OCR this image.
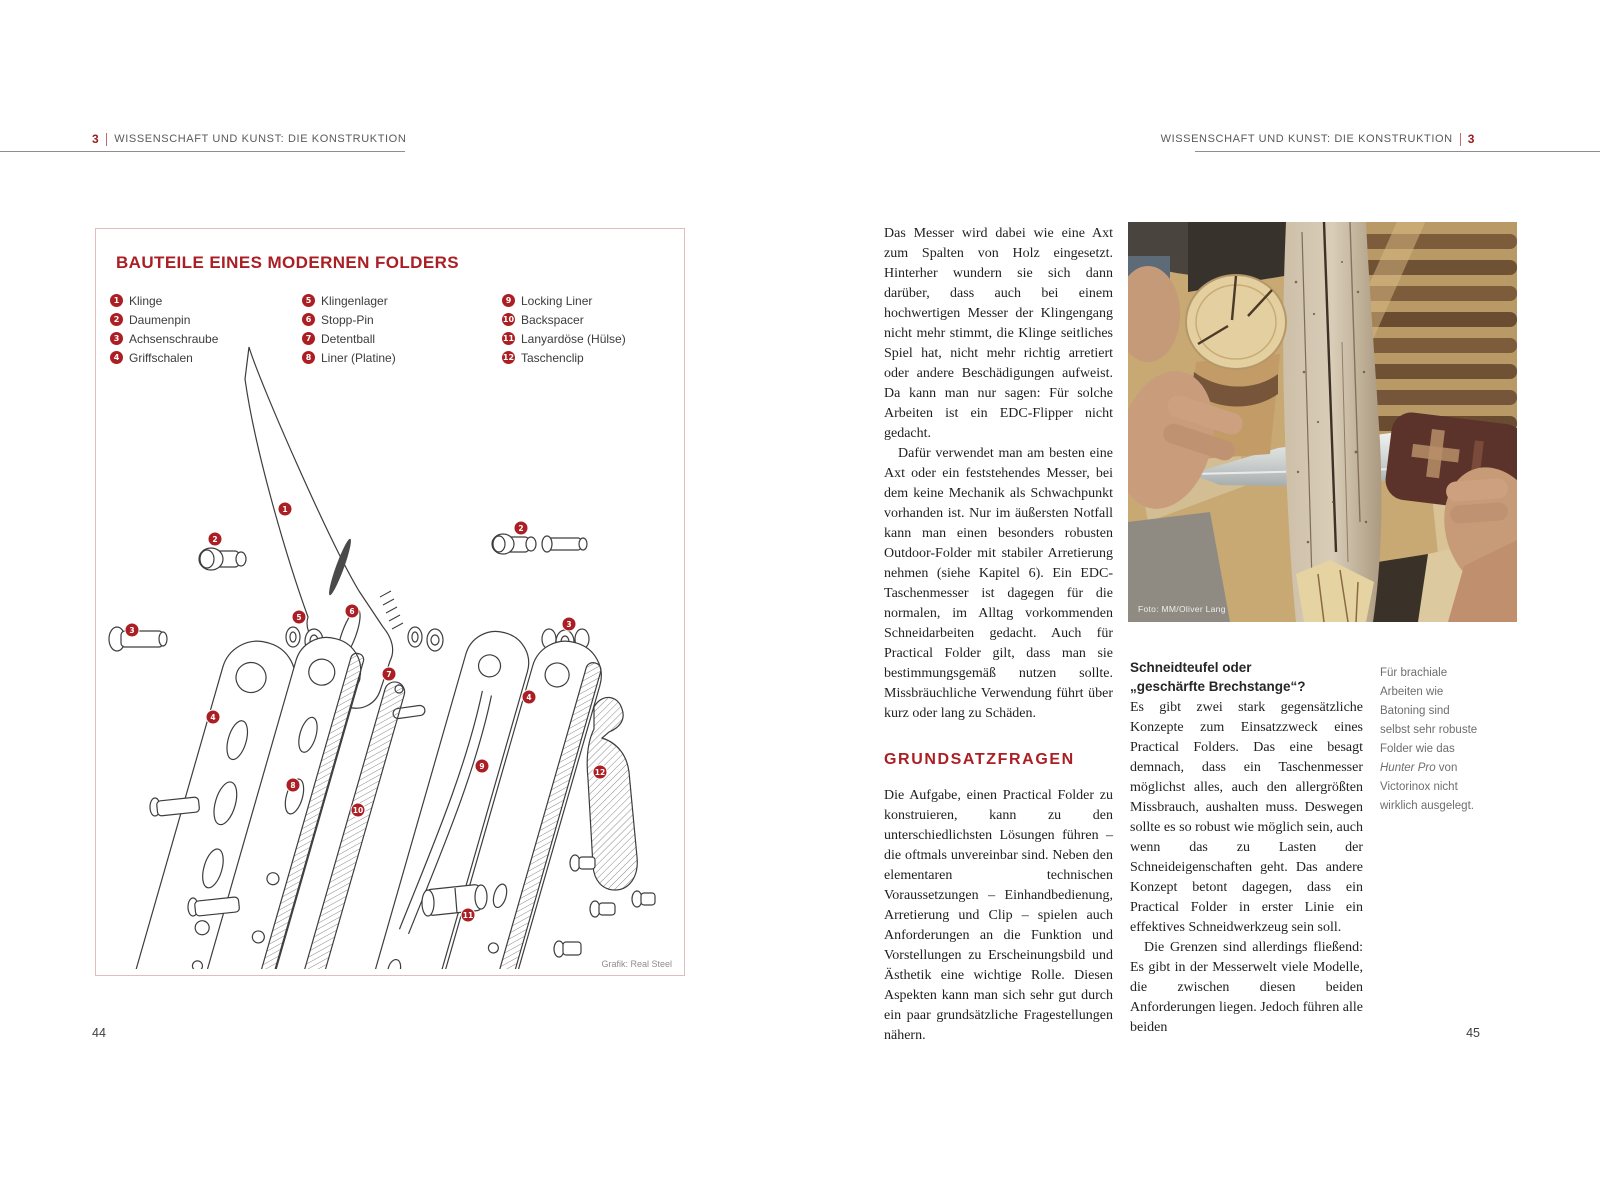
3 WISSENSCHAFT UND KUNST: DIE KONSTRUKTION
BAUTEILE EINES MODERNEN FOLDERS
1 Klinge
2 Daumenpin
3 Achsenschraube
4 Griffschalen
5 Klingenlager
6 Stopp-Pin
7 Detentball
8 Liner (Platine)
9 Locking Liner
10 Backspacer
11 Lanyardöse (Hülse)
12 Taschenclip
1
2
2
3
3
4
4
5
6
7
8
9
10
11
12
Grafik: Real Steel
44
WISSENSCHAFT UND KUNST: DIE KONSTRUKTION 3

Das Messer wird dabei wie eine Axt zum Spalten von Holz eingesetzt. Hinterher wundern sie sich dann darüber, dass auch bei einem hochwertigen Messer der Klingengang nicht mehr stimmt, die Klinge seitliches Spiel hat, nicht mehr richtig arretiert oder andere Beschädigungen aufweist. Da kann man nur sagen: Für solche Arbeiten ist ein EDC-Flipper nicht gedacht.

Dafür verwendet man am besten eine Axt oder ein feststehendes Messer, bei dem keine Mechanik als Schwachpunkt vorhanden ist. Nur im äußersten Notfall kann man einen besonders robusten Outdoor-Folder mit stabiler Arretierung nehmen (siehe Kapitel 6). Ein EDC-Taschenmesser ist dagegen für die normalen, im Alltag vorkommenden Schneidarbeiten gedacht. Auch für Practical Folder gilt, dass man sie bestimmungsgemäß nutzen sollte. Missbräuchliche Verwendung führt über kurz oder lang zu Schäden.

GRUNDSATZFRAGEN

Die Aufgabe, einen Practical Folder zu konstruieren, kann zu den unterschiedlichsten Lösungen führen – die oftmals unvereinbar sind. Neben den elementaren technischen Voraussetzungen – Einhandbedienung, Arretierung und Clip – spielen auch Anforderungen an die Funktion und Vorstellungen zu Erscheinungsbild und Ästhetik eine wichtige Rolle. Diesen Aspekten kann man sich sehr gut durch ein paar grundsätzliche Fragestellungen nähern.

Foto: MM/Oliver Lang
Schneidteufel oder
„geschärfte Brechstange“?

Es gibt zwei stark gegensätzliche Konzepte zum Einsatzzweck eines Practical Folders. Das eine besagt demnach, dass ein Taschenmesser möglichst alles, auch den allergrößten Missbrauch, aushalten muss. Deswegen sollte es so robust wie möglich sein, auch wenn das zu Lasten der Schneideigenschaften geht. Das andere Konzept betont dagegen, dass ein Practical Folder in erster Linie ein effektives Schneidwerkzeug sein soll.

Die Grenzen sind allerdings fließend: Es gibt in der Messerwelt viele Modelle, die zwischen diesen beiden Anforderungen liegen. Jedoch führen alle beiden

Für brachiale Arbeiten wie Batoning sind selbst sehr robuste Folder wie das Hunter Pro von Victorinox nicht wirklich ausgelegt.
45
